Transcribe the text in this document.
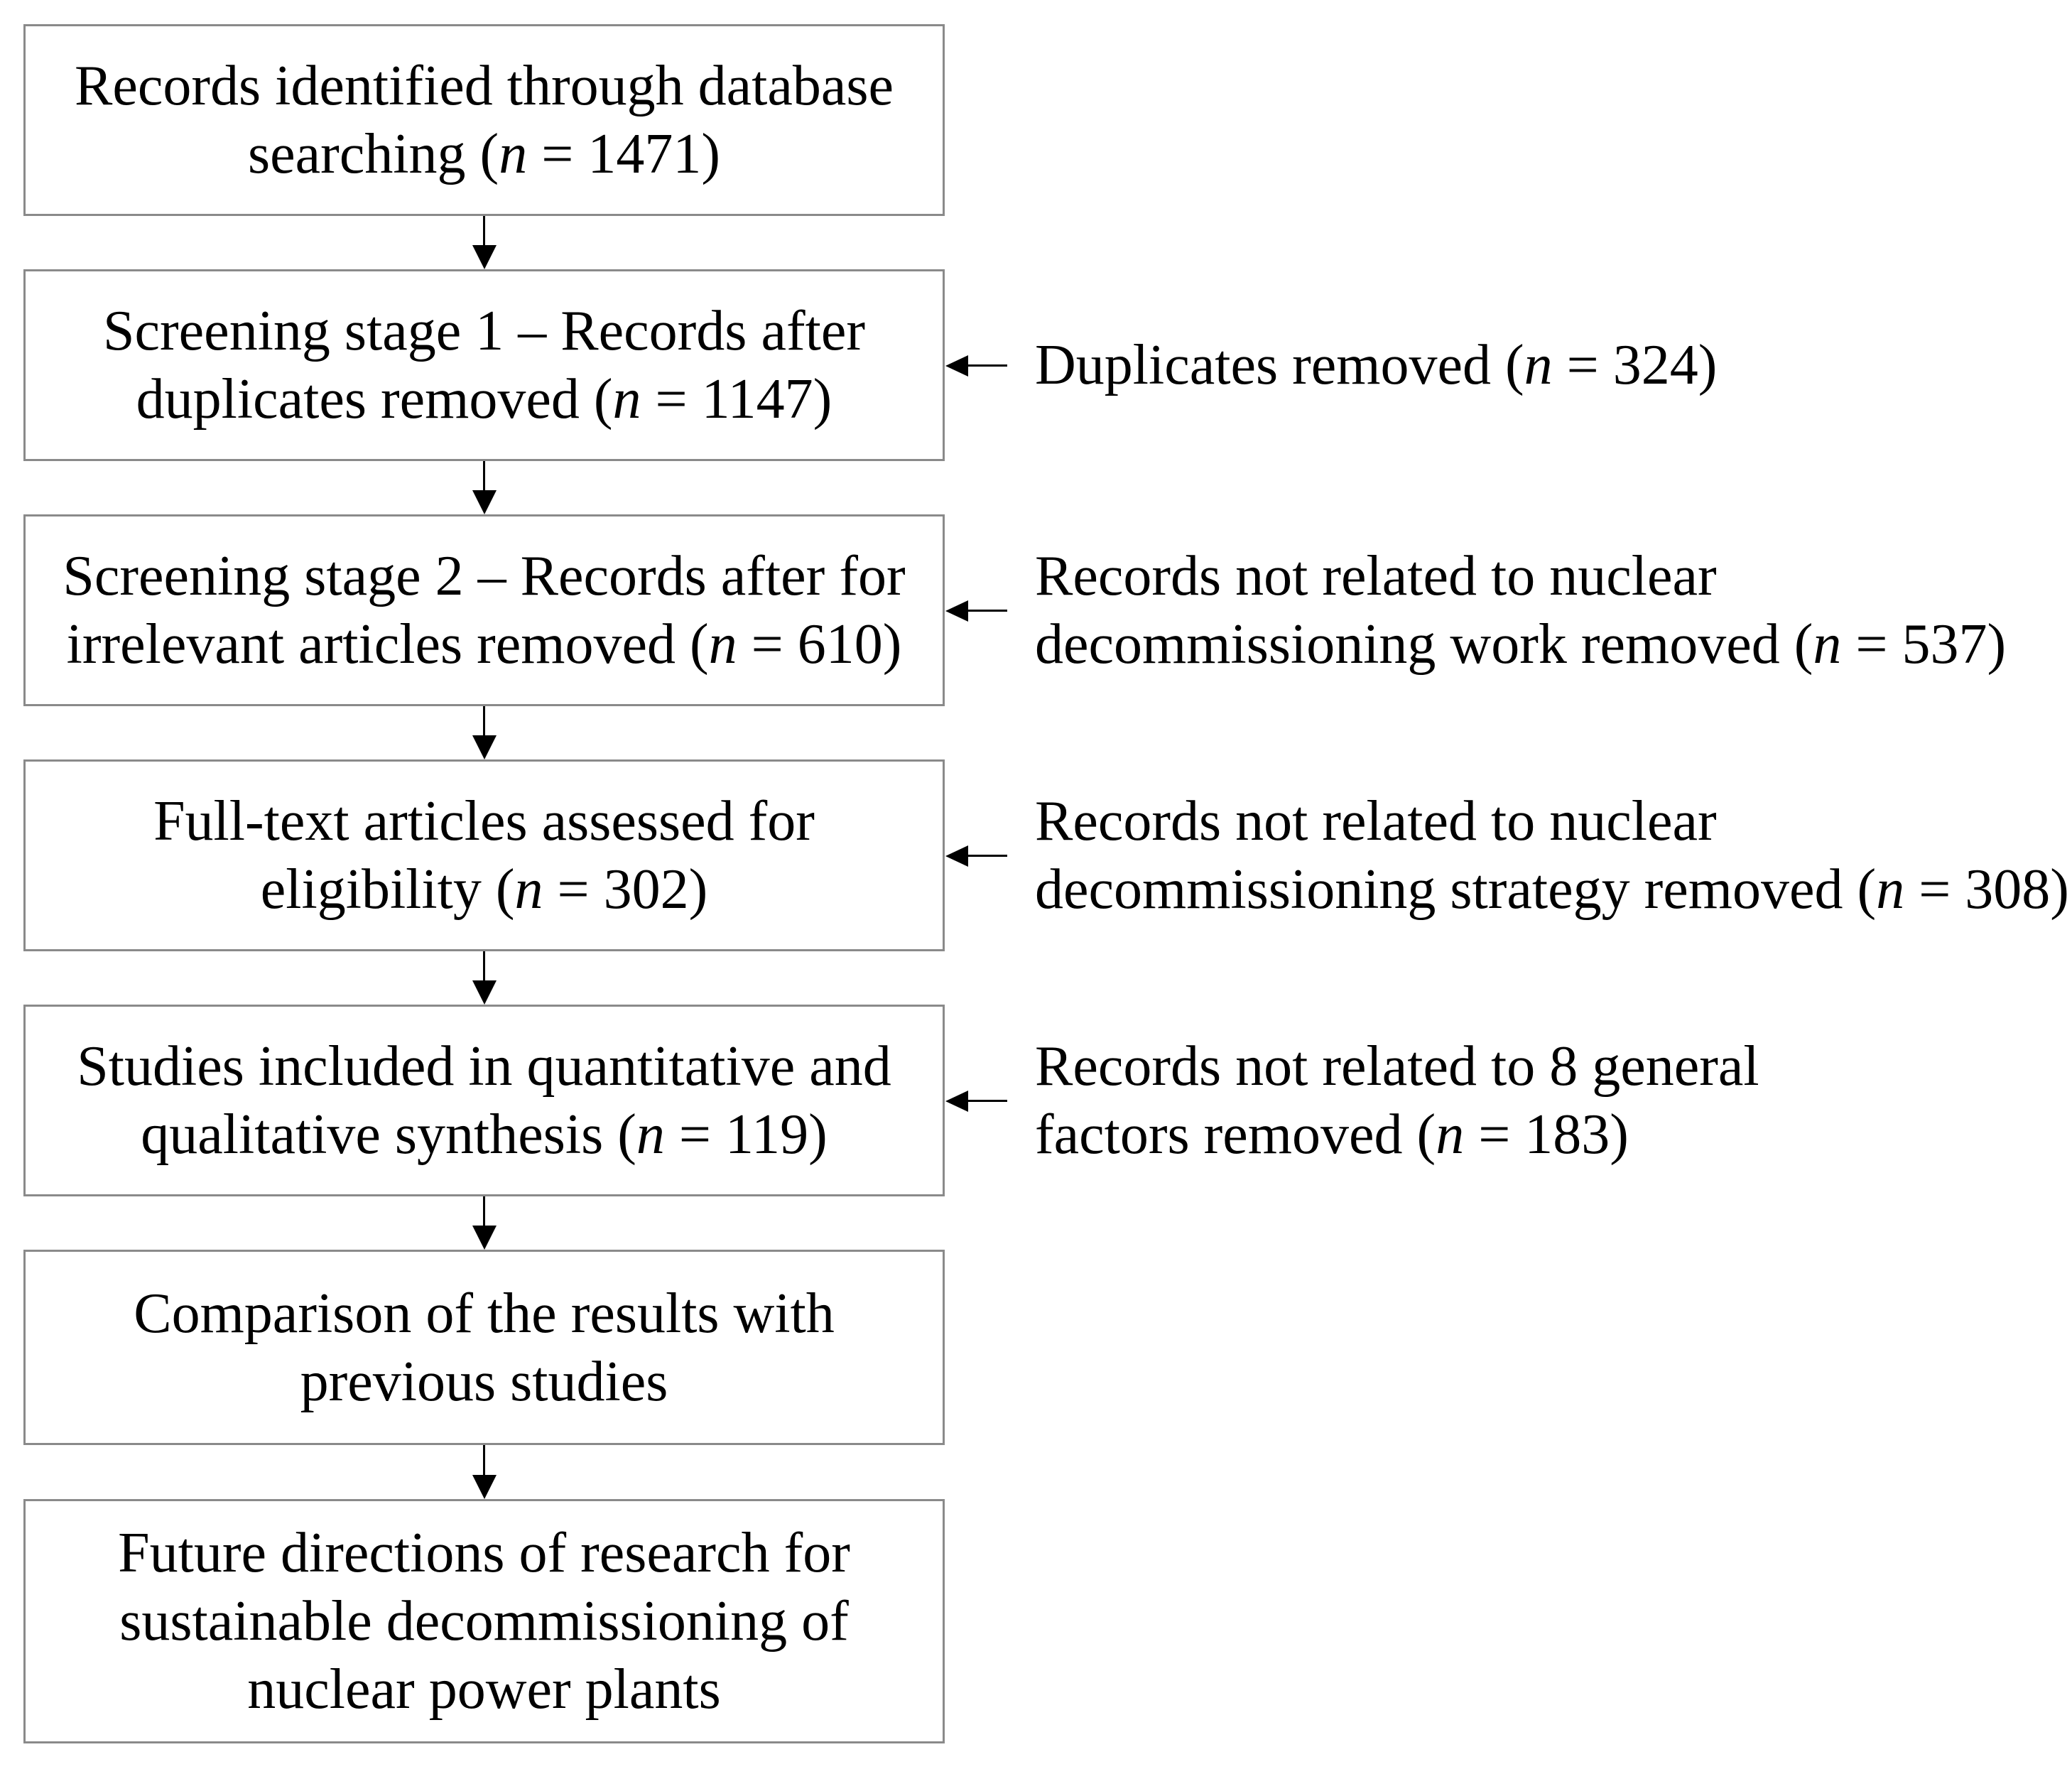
Records identified through database
searching (n = 1471)
Screening stage 1 – Records after
duplicates removed (n = 1147)
Duplicates removed (n = 324)
Screening stage 2 – Records after for
irrelevant articles removed (n = 610)
Records not related to nuclear
decommissioning work removed (n = 537)
Full-text articles assessed for
eligibility (n = 302)
Records not related to nuclear
decommissioning strategy removed (n = 308)
Studies included in quantitative and
qualitative synthesis (n = 119)
Records not related to 8 general
factors removed (n = 183)
Comparison of the results with
previous studies
Future directions of research for
sustainable decommissioning of
nuclear power plants
